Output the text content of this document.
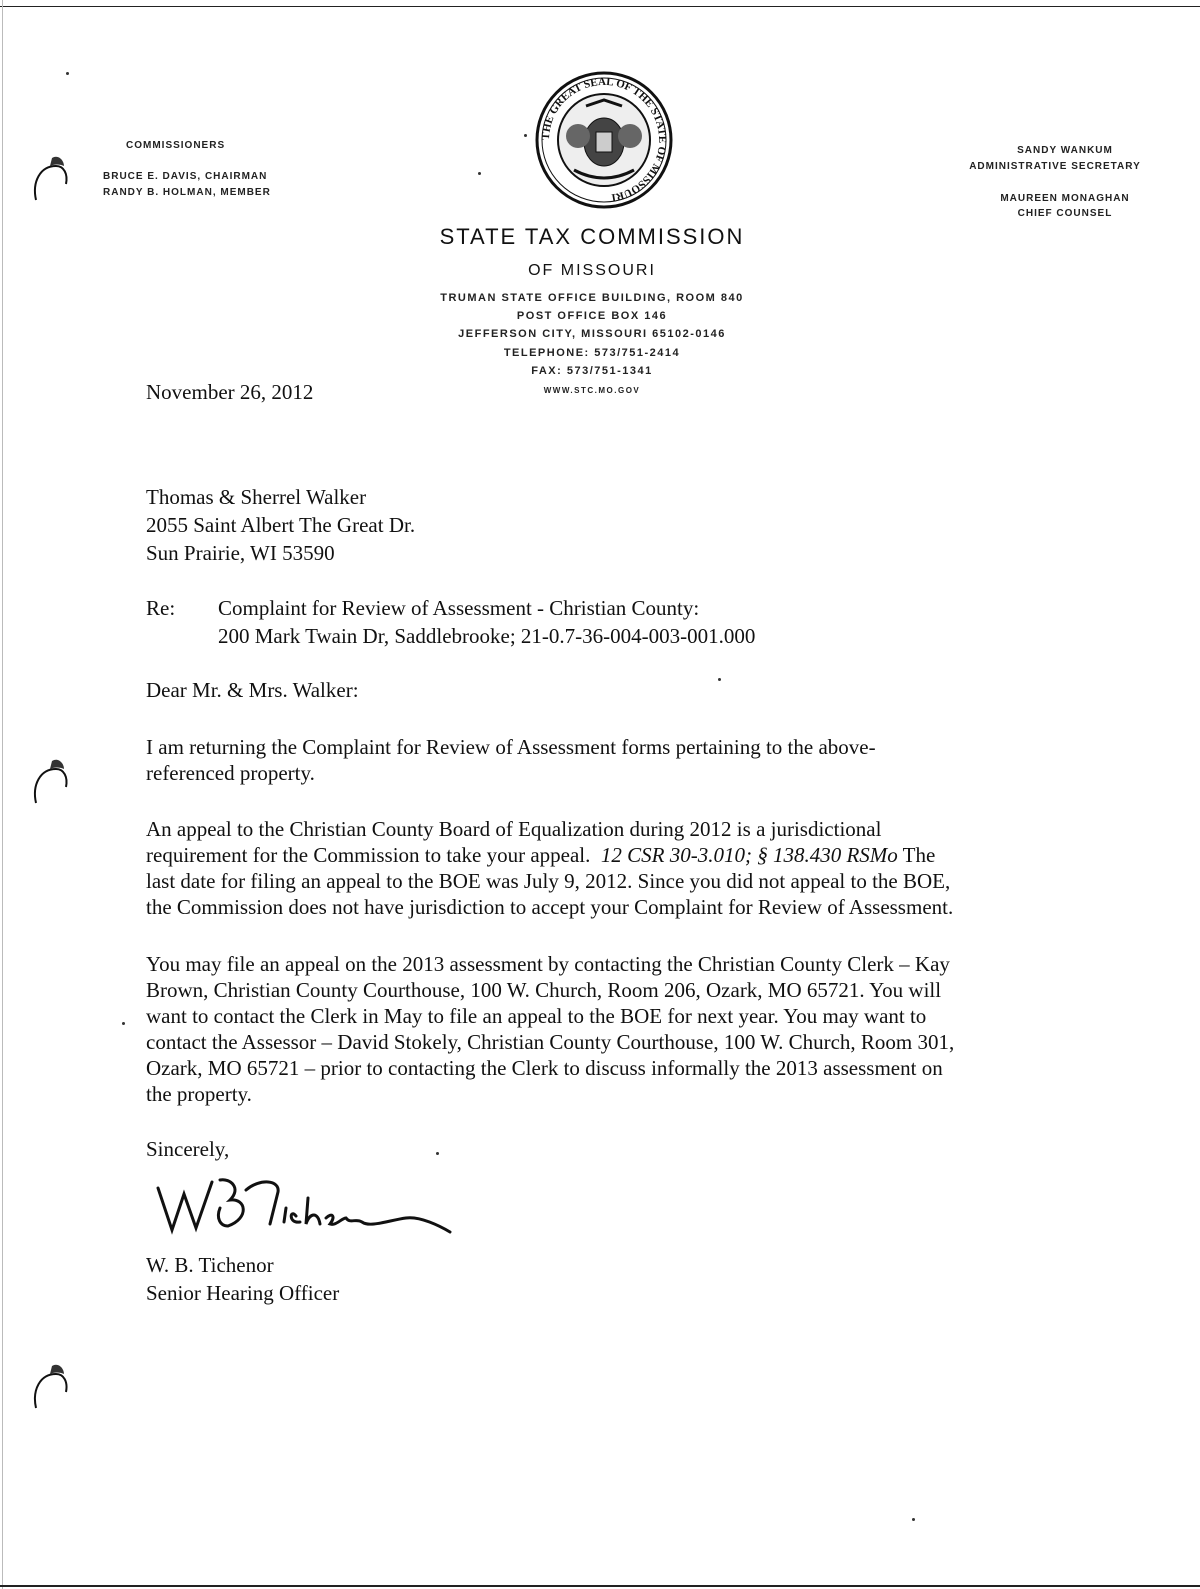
COMMISSIONERS
BRUCE E. DAVIS, CHAIRMAN
RANDY B. HOLMAN, MEMBER
SANDY WANKUM
ADMINISTRATIVE SECRETARY
MAUREEN MONAGHAN
CHIEF COUNSEL
THE GREAT SEAL OF THE STATE OF MISSOURI
STATE TAX COMMISSION
OF MISSOURI
TRUMAN STATE OFFICE BUILDING, ROOM 840
POST OFFICE BOX 146
JEFFERSON CITY, MISSOURI 65102-0146
TELEPHONE: 573/751-2414
FAX: 573/751-1341
WWW.STC.MO.GOV
November 26, 2012
Thomas & Sherrel Walker
2055 Saint Albert The Great Dr.
Sun Prairie, WI 53590
Re: Complaint for Review of Assessment - Christian County:
200 Mark Twain Dr, Saddlebrooke; 21-0.7-36-004-003-001.000
Dear Mr. & Mrs. Walker:
I am returning the Complaint for Review of Assessment forms pertaining to the above-
referenced property.
An appeal to the Christian County Board of Equalization during 2012 is a jurisdictional
requirement for the Commission to take your appeal.  12 CSR 30-3.010; § 138.430 RSMo The
last date for filing an appeal to the BOE was July 9, 2012. Since you did not appeal to the BOE,
the Commission does not have jurisdiction to accept your Complaint for Review of Assessment.
You may file an appeal on the 2013 assessment by contacting the Christian County Clerk – Kay
Brown, Christian County Courthouse, 100 W. Church, Room 206, Ozark, MO 65721. You will
want to contact the Clerk in May to file an appeal to the BOE for next year. You may want to
contact the Assessor – David Stokely, Christian County Courthouse, 100 W. Church, Room 301,
Ozark, MO 65721 – prior to contacting the Clerk to discuss informally the 2013 assessment on
the property.
Sincerely,
W. B. Tichenor
Senior Hearing Officer
